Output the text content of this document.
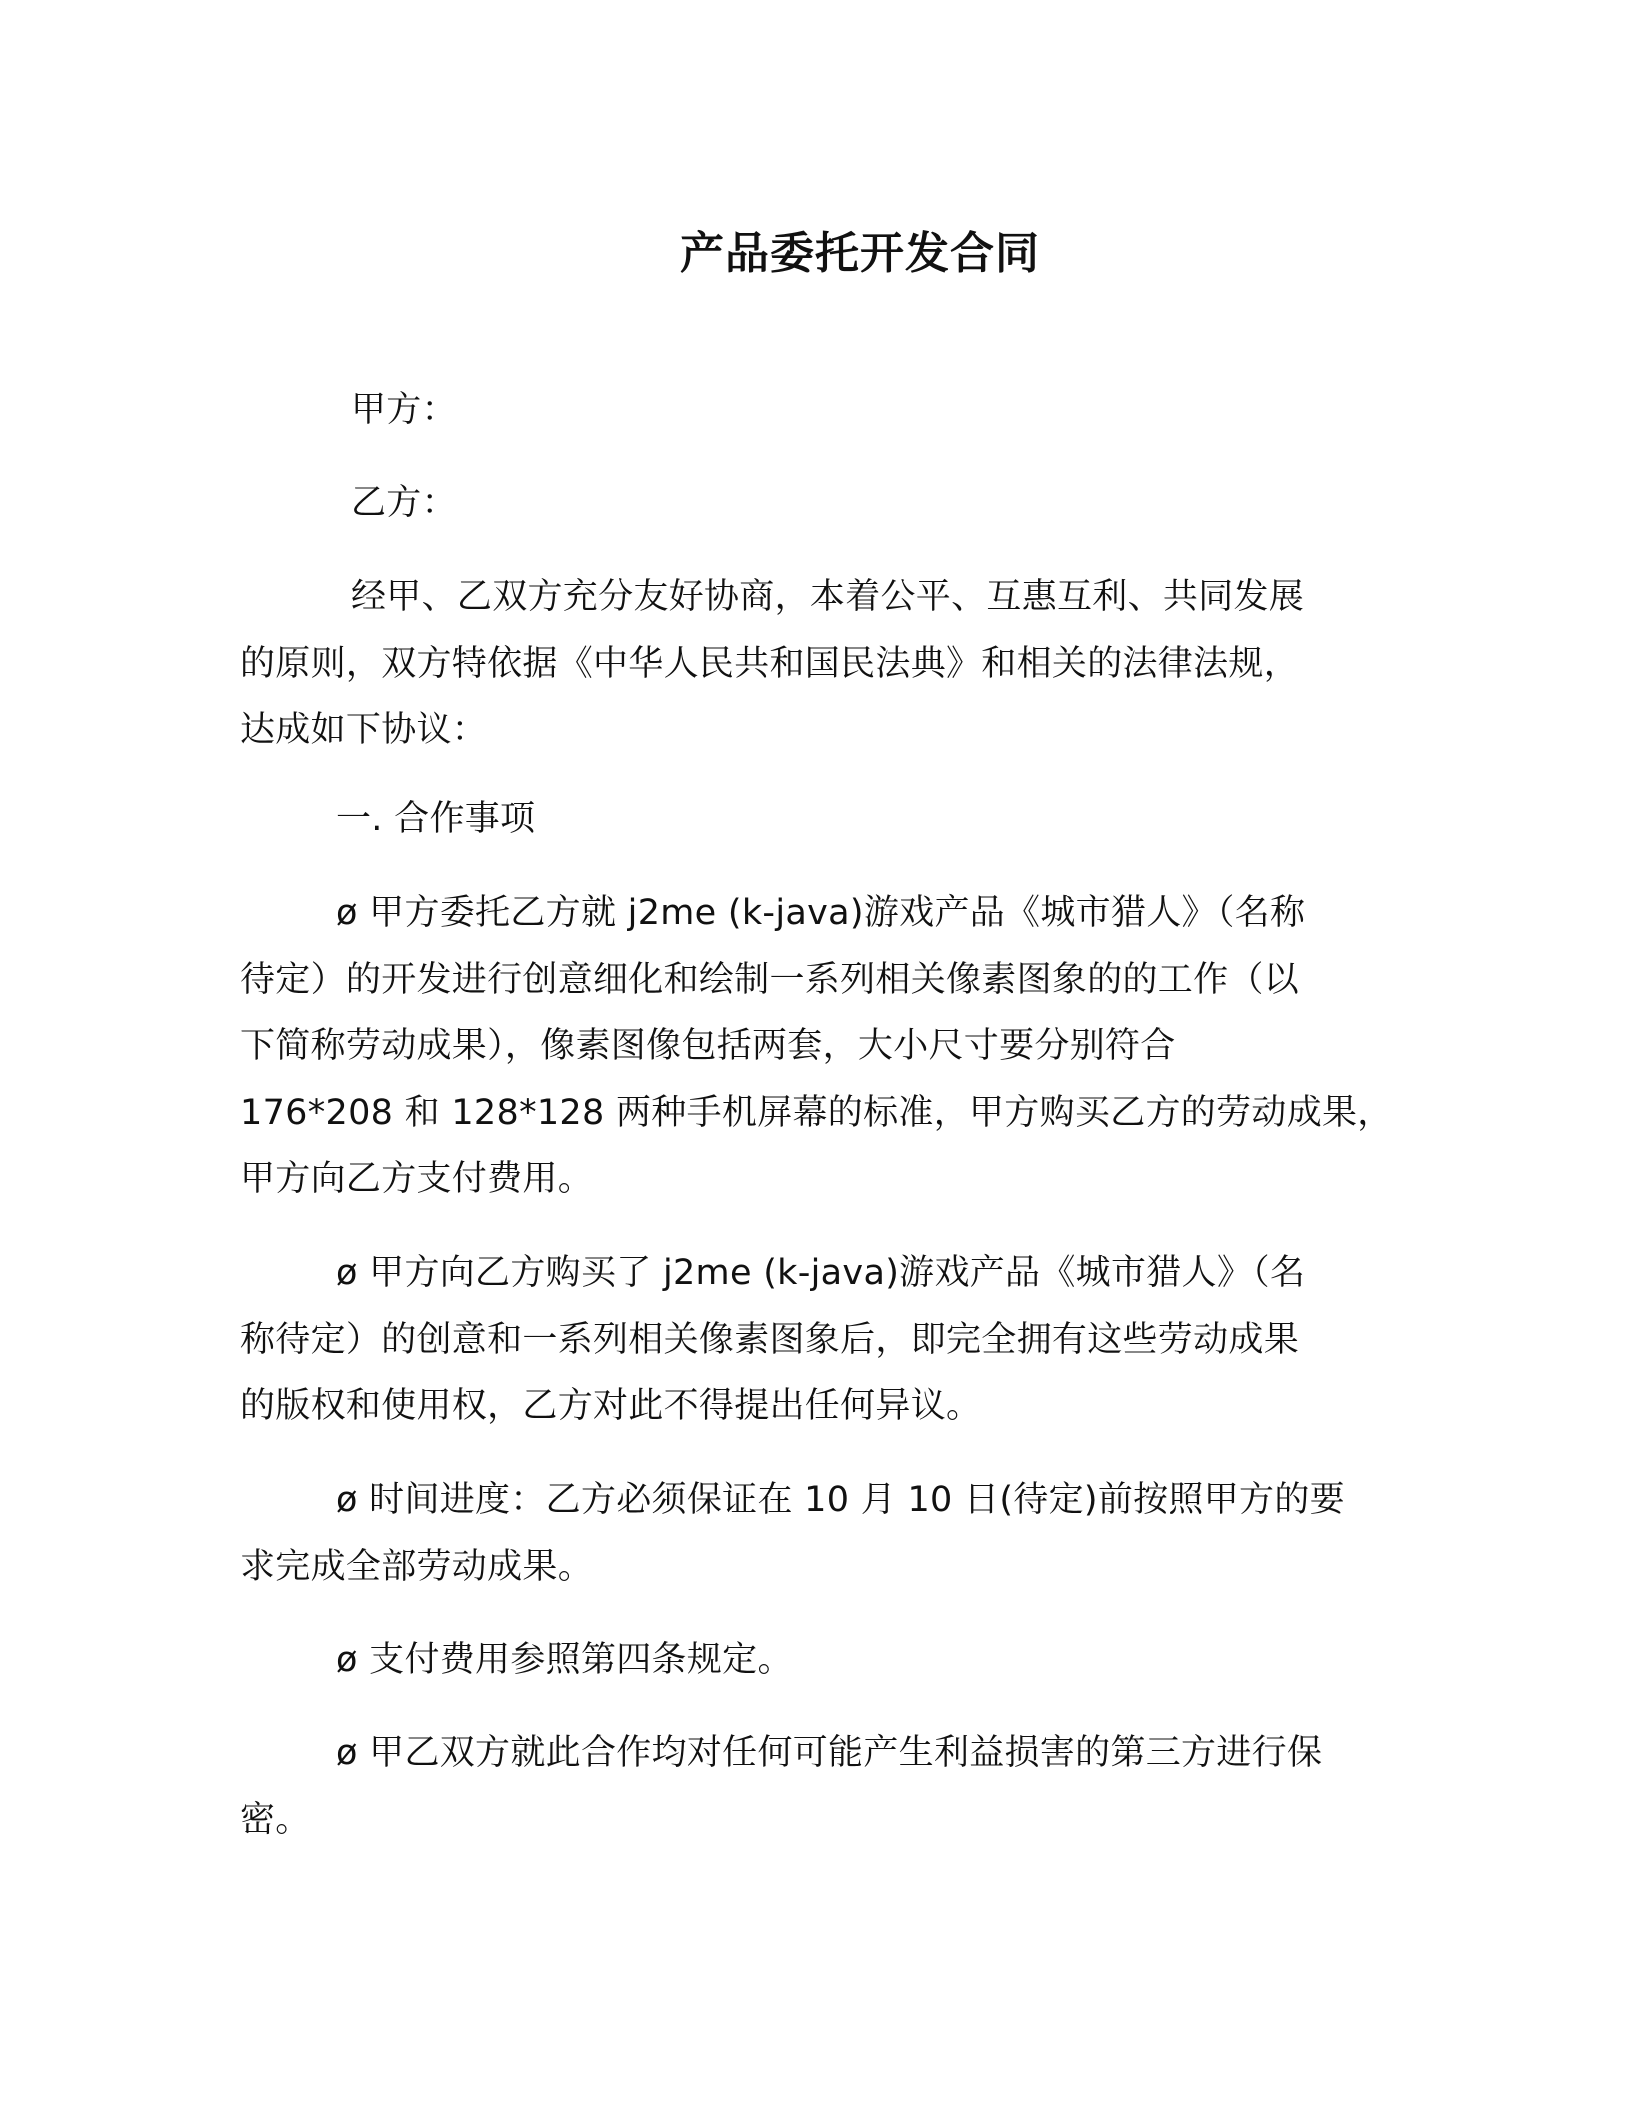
产品委托开发合同
甲方：
乙方：
经甲、乙双方充分友好协商，本着公平、互惠互利、共同发展
的原则，双方特依据《中华人民共和国民法典》和相关的法律法规，
达成如下协议：
一. 合作事项
ø 甲方委托乙方就 j2me (k-java)游戏产品《城市猎人》（名称
待定）的开发进行创意细化和绘制一系列相关像素图象的的工作（以
下简称劳动成果），像素图像包括两套，大小尺寸要分别符合
176*208 和 128*128 两种手机屏幕的标准，甲方购买乙方的劳动成果，
甲方向乙方支付费用。
ø 甲方向乙方购买了 j2me (k-java)游戏产品《城市猎人》（名
称待定）的创意和一系列相关像素图象后，即完全拥有这些劳动成果
的版权和使用权，乙方对此不得提出任何异议。
ø 时间进度：乙方必须保证在 10 月 10 日(待定)前按照甲方的要
求完成全部劳动成果。
ø 支付费用参照第四条规定。
ø 甲乙双方就此合作均对任何可能产生利益损害的第三方进行保
密。
